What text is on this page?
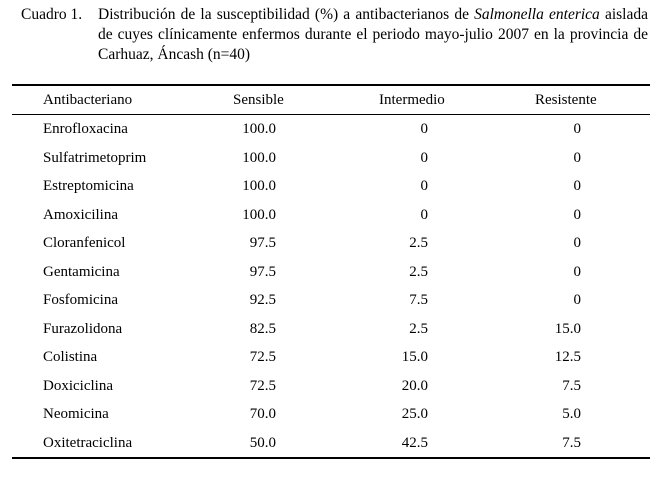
Cuadro 1. Distribución de la susceptibilidad (%) a antibacterianos de Salmonella enterica aislada de cuyes clínicamente enfermos durante el periodo mayo-julio 2007 en la provincia de Carhuaz, Áncash (n=40)
Antibacteriano	Sensible	Intermedio	Resistente
Enrofloxacina	100.0	0	0
Sulfatrimetoprim	100.0	0	0
Estreptomicina	100.0	0	0
Amoxicilina	100.0	0	0
Cloranfenicol	97.5	2.5	0
Gentamicina	97.5	2.5	0
Fosfomicina	92.5	7.5	0
Furazolidona	82.5	2.5	15.0
Colistina	72.5	15.0	12.5
Doxiciclina	72.5	20.0	7.5
Neomicina	70.0	25.0	5.0
Oxitetraciclina	50.0	42.5	7.5
